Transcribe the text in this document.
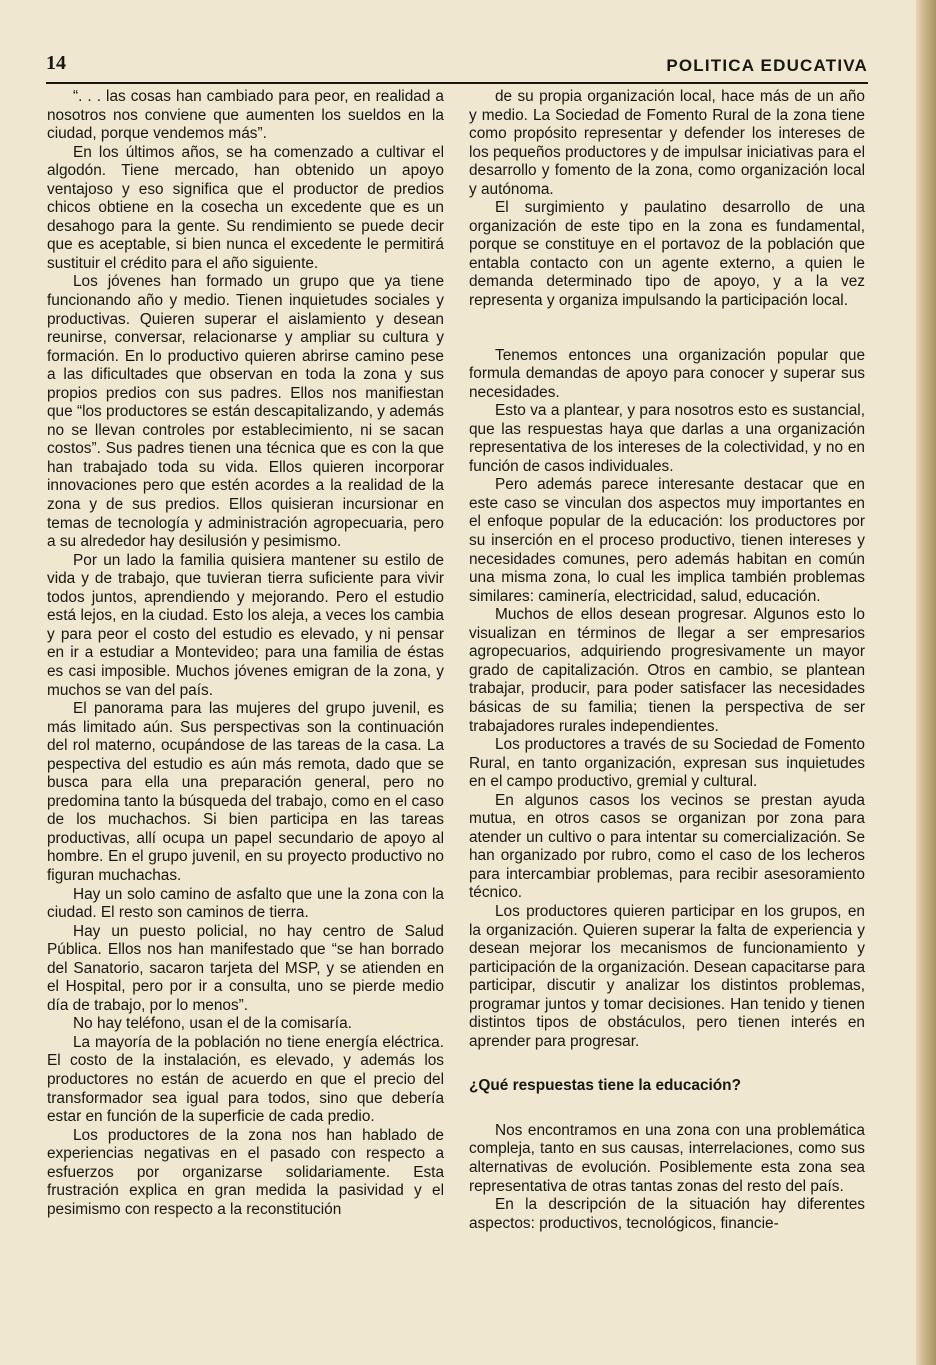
14	POLITICA EDUCATIVA

“. . . las cosas han cambiado para peor, en realidad a nosotros nos conviene que aumenten los sueldos en la ciudad, porque vendemos más”.

En los últimos años, se ha comenzado a cultivar el algodón. Tiene mercado, han obtenido un apoyo ventajoso y eso significa que el productor de predios chicos obtiene en la cosecha un excedente que es un desahogo para la gente. Su rendimiento se puede decir que es aceptable, si bien nunca el excedente le permitirá sustituir el crédito para el año siguiente.

Los jóvenes han formado un grupo que ya tiene funcionando año y medio. Tienen inquietudes sociales y productivas. Quieren superar el aislamiento y desean reunirse, conversar, relacionarse y ampliar su cultura y formación. En lo productivo quieren abrirse camino pese a las dificultades que observan en toda la zona y sus propios predios con sus padres. Ellos nos manifiestan que “los productores se están descapitalizando, y además no se llevan controles por establecimiento, ni se sacan costos”. Sus padres tienen una técnica que es con la que han trabajado toda su vida. Ellos quieren incorporar innovaciones pero que estén acordes a la realidad de la zona y de sus predios. Ellos quisieran incursionar en temas de tecnología y administración agropecuaria, pero a su alrededor hay desilusión y pesimismo.

Por un lado la familia quisiera mantener su estilo de vida y de trabajo, que tuvieran tierra suficiente para vivir todos juntos, aprendiendo y mejorando. Pero el estudio está lejos, en la ciudad. Esto los aleja, a veces los cambia y para peor el costo del estudio es elevado, y ni pensar en ir a estudiar a Montevideo; para una familia de éstas es casi imposible. Muchos jóvenes emigran de la zona, y muchos se van del país.

El panorama para las mujeres del grupo juvenil, es más limitado aún. Sus perspectivas son la continuación del rol materno, ocupándose de las tareas de la casa. La pespectiva del estudio es aún más remota, dado que se busca para ella una preparación general, pero no predomina tanto la búsqueda del trabajo, como en el caso de los muchachos. Si bien participa en las tareas productivas, allí ocupa un papel secundario de apoyo al hombre. En el grupo juvenil, en su proyecto productivo no figuran muchachas.

Hay un solo camino de asfalto que une la zona con la ciudad. El resto son caminos de tierra.

Hay un puesto policial, no hay centro de Salud Pública. Ellos nos han manifestado que “se han borrado del Sanatorio, sacaron tarjeta del MSP, y se atienden en el Hospital, pero por ir a consulta, uno se pierde medio día de trabajo, por lo menos”.

No hay teléfono, usan el de la comisaría.

La mayoría de la población no tiene energía eléctrica. El costo de la instalación, es elevado, y además los productores no están de acuerdo en que el precio del transformador sea igual para todos, sino que debería estar en función de la superficie de cada predio.

Los productores de la zona nos han hablado de experiencias negativas en el pasado con respecto a esfuerzos por organizarse solidariamente. Esta frustración explica en gran medida la pasividad y el pesimismo con respecto a la reconstitución

de su propia organización local, hace más de un año y medio. La Sociedad de Fomento Rural de la zona tiene como propósito representar y defender los intereses de los pequeños productores y de impulsar iniciativas para el desarrollo y fomento de la zona, como organización local y autónoma.

El surgimiento y paulatino desarrollo de una organización de este tipo en la zona es fundamental, porque se constituye en el portavoz de la población que entabla contacto con un agente externo, a quien le demanda determinado tipo de apoyo, y a la vez representa y organiza impulsando la participación local.

Tenemos entonces una organización popular que formula demandas de apoyo para conocer y superar sus necesidades.

Esto va a plantear, y para nosotros esto es sustancial, que las respuestas haya que darlas a una organización representativa de los intereses de la colectividad, y no en función de casos individuales.

Pero además parece interesante destacar que en este caso se vinculan dos aspectos muy importantes en el enfoque popular de la educación: los productores por su inserción en el proceso productivo, tienen intereses y necesidades comunes, pero además habitan en común una misma zona, lo cual les implica también problemas similares: caminería, electricidad, salud, educación.

Muchos de ellos desean progresar. Algunos esto lo visualizan en términos de llegar a ser empresarios agropecuarios, adquiriendo progresivamente un mayor grado de capitalización. Otros en cambio, se plantean trabajar, producir, para poder satisfacer las necesidades básicas de su familia; tienen la perspectiva de ser trabajadores rurales independientes.

Los productores a través de su Sociedad de Fomento Rural, en tanto organización, expresan sus inquietudes en el campo productivo, gremial y cultural.

En algunos casos los vecinos se prestan ayuda mutua, en otros casos se organizan por zona para atender un cultivo o para intentar su comercialización. Se han organizado por rubro, como el caso de los lecheros para intercambiar problemas, para recibir asesoramiento técnico.

Los productores quieren participar en los grupos, en la organización. Quieren superar la falta de experiencia y desean mejorar los mecanismos de funcionamiento y participación de la organización. Desean capacitarse para participar, discutir y analizar los distintos problemas, programar juntos y tomar decisiones. Han tenido y tienen distintos tipos de obstáculos, pero tienen interés en aprender para progresar.

¿Qué respuestas tiene la educación?

Nos encontramos en una zona con una problemática compleja, tanto en sus causas, interrelaciones, como sus alternativas de evolución. Posiblemente esta zona sea representativa de otras tantas zonas del resto del país.

En la descripción de la situación hay diferentes aspectos: productivos, tecnológicos, financie-
